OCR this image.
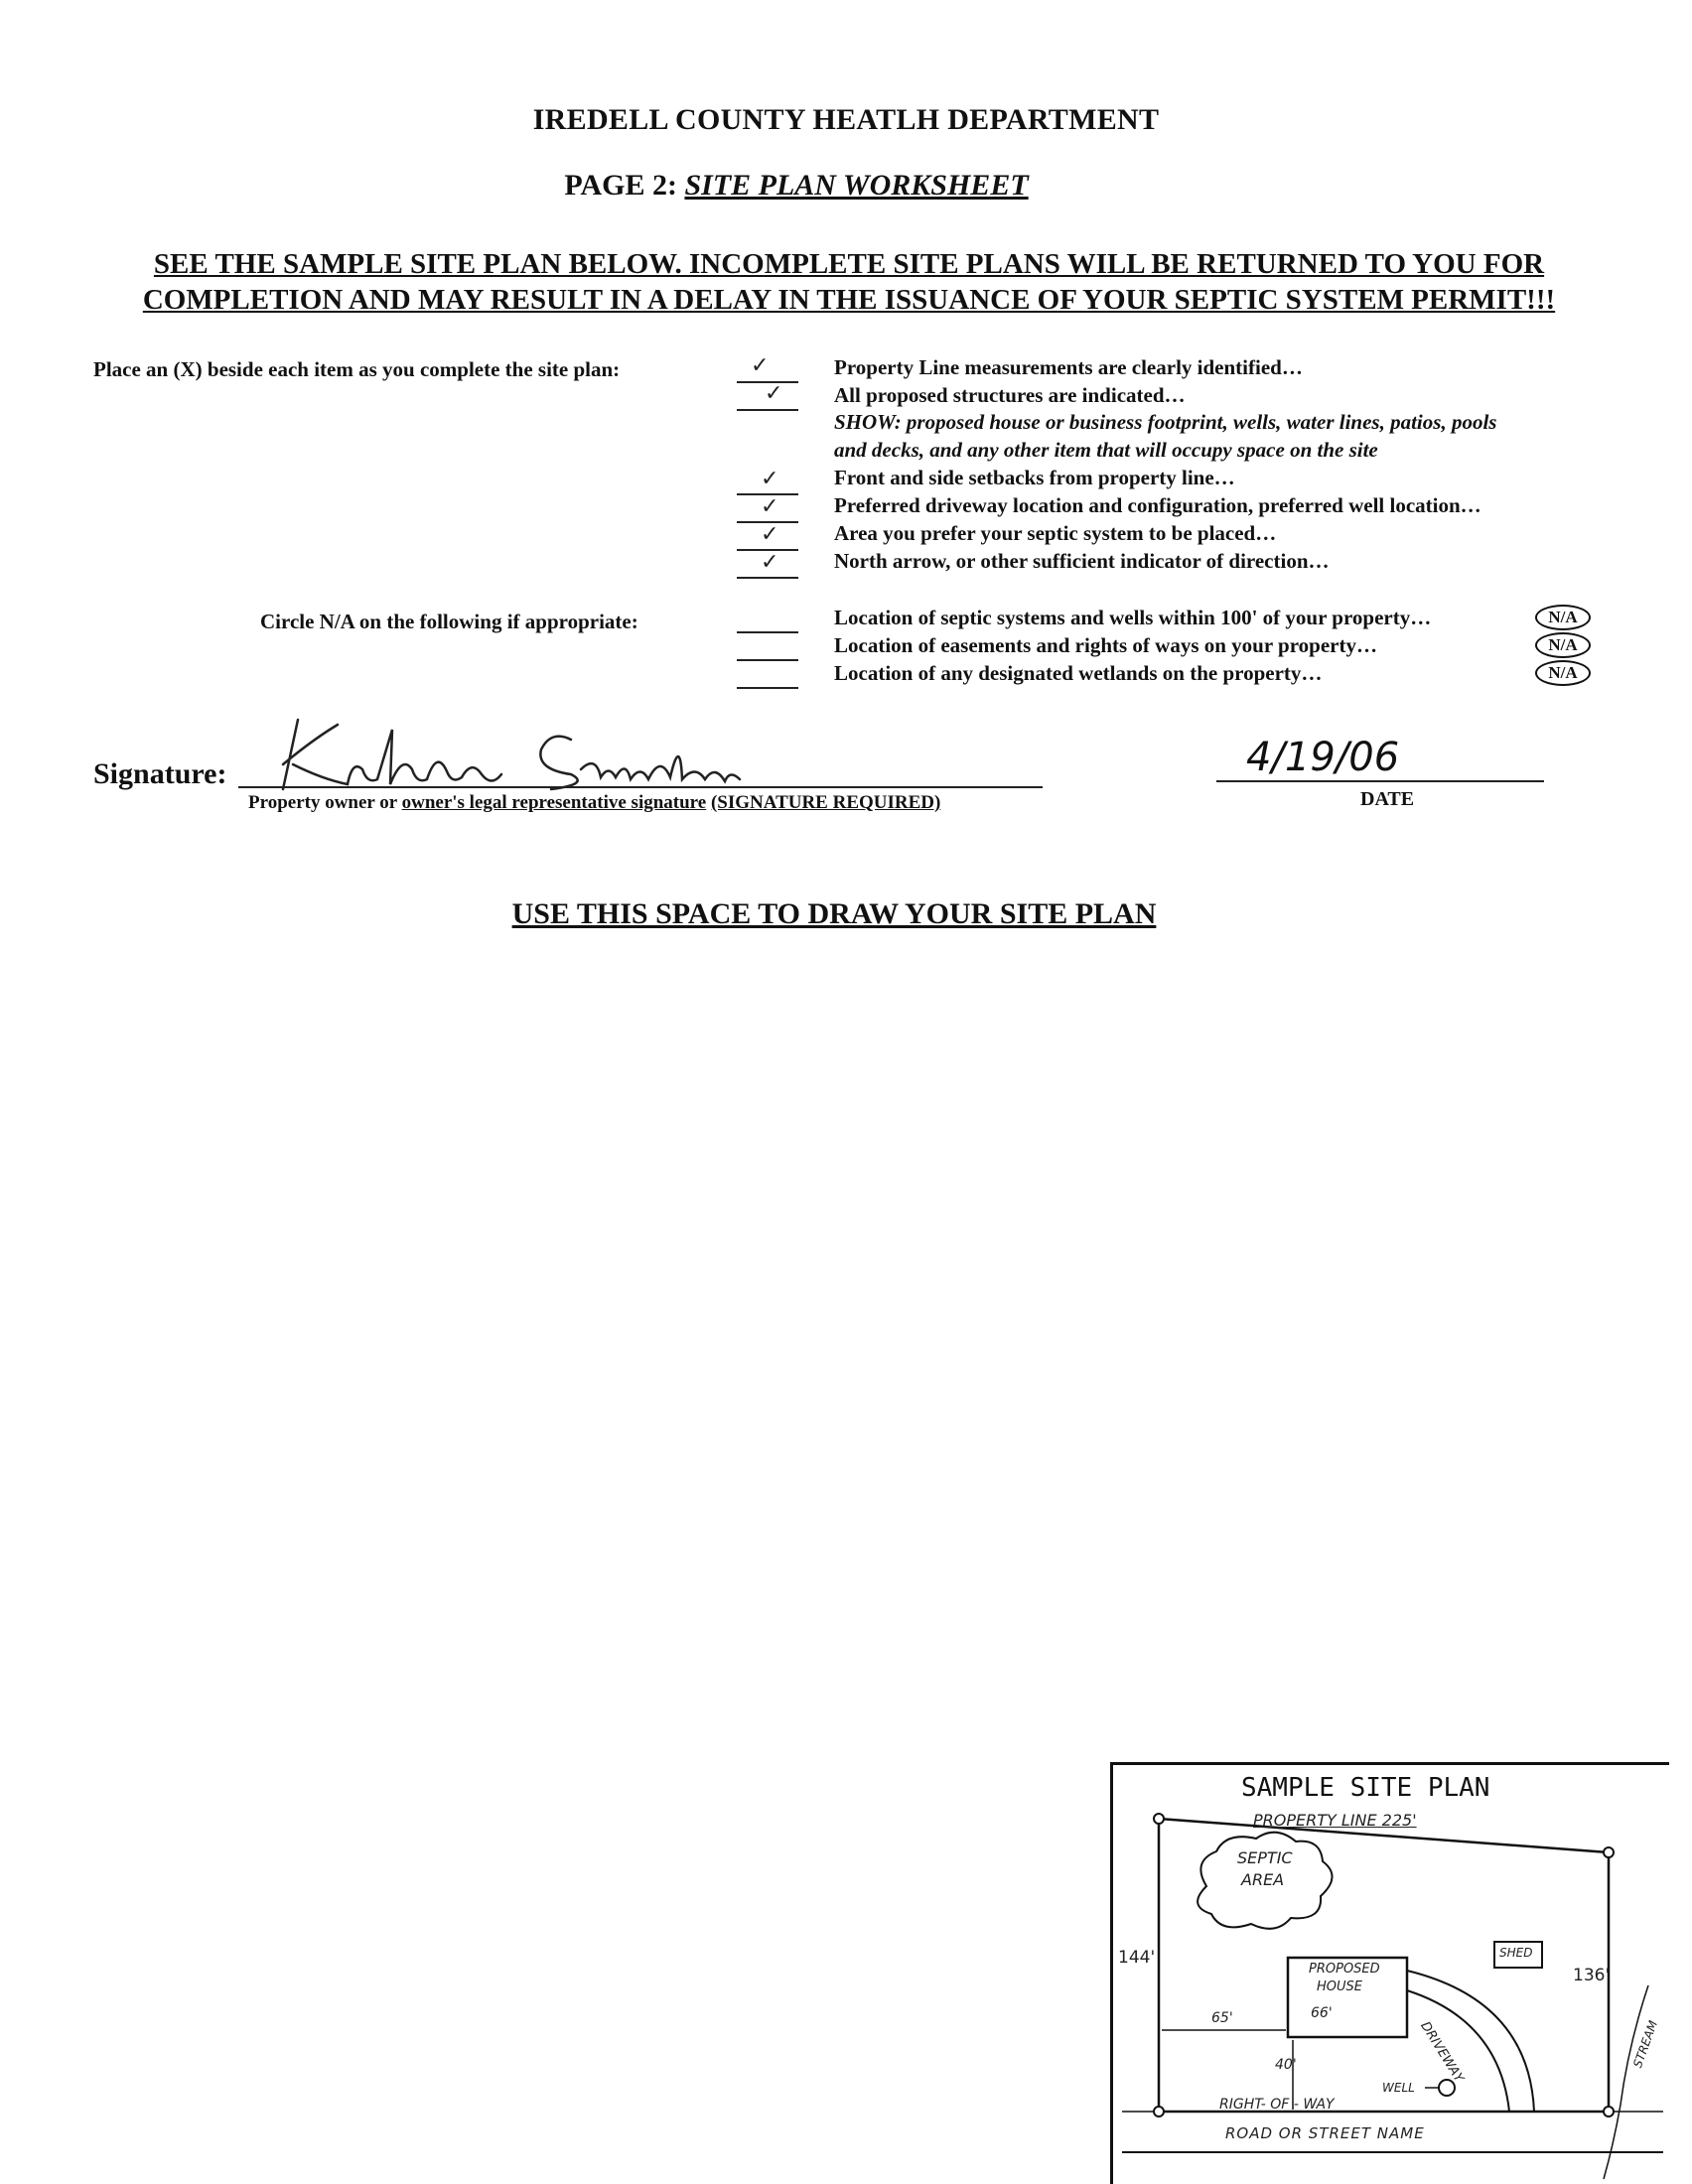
IREDELL COUNTY HEATLH DEPARTMENT
PAGE 2: SITE PLAN WORKSHEET
SEE THE SAMPLE SITE PLAN BELOW. INCOMPLETE SITE PLANS WILL BE RETURNED TO YOU FOR
COMPLETION AND MAY RESULT IN A DELAY IN THE ISSUANCE OF YOUR SEPTIC SYSTEM PERMIT!!!
Place an (X) beside each item as you complete the site plan:	✓	Property Line measurements are clearly identified…
✓ All proposed structures are indicated…
SHOW: proposed house or business footprint, wells, water lines, patios, pools
and decks, and any other item that will occupy space on the site
✓	Front and side setbacks from property line…
✓	Preferred driveway location and configuration, preferred well location…
✓	Area you prefer your septic system to be placed…
✓	North arrow, or other sufficient indicator of direction…
Circle N/A on the following if appropriate:	Location of septic systems and wells within 100' of your property…	N/A
Location of easements and rights of ways on your property…	N/A
Location of any designated wetlands on the property…	N/A
Signature:
Property owner or owner's legal representative signature (SIGNATURE REQUIRED)
4/19/06
DATE
USE THIS SPACE TO DRAW YOUR SITE PLAN
SAMPLE SITE PLAN
PROPERTY LINE 225'
SEPTIC
AREA
SHED
PROPOSED
HOUSE
66'
144'
136'
65'
40'	DRIVEWAY
WELL
RIGHT- OF - WAY
ROAD OR STREET NAME
STREAM
